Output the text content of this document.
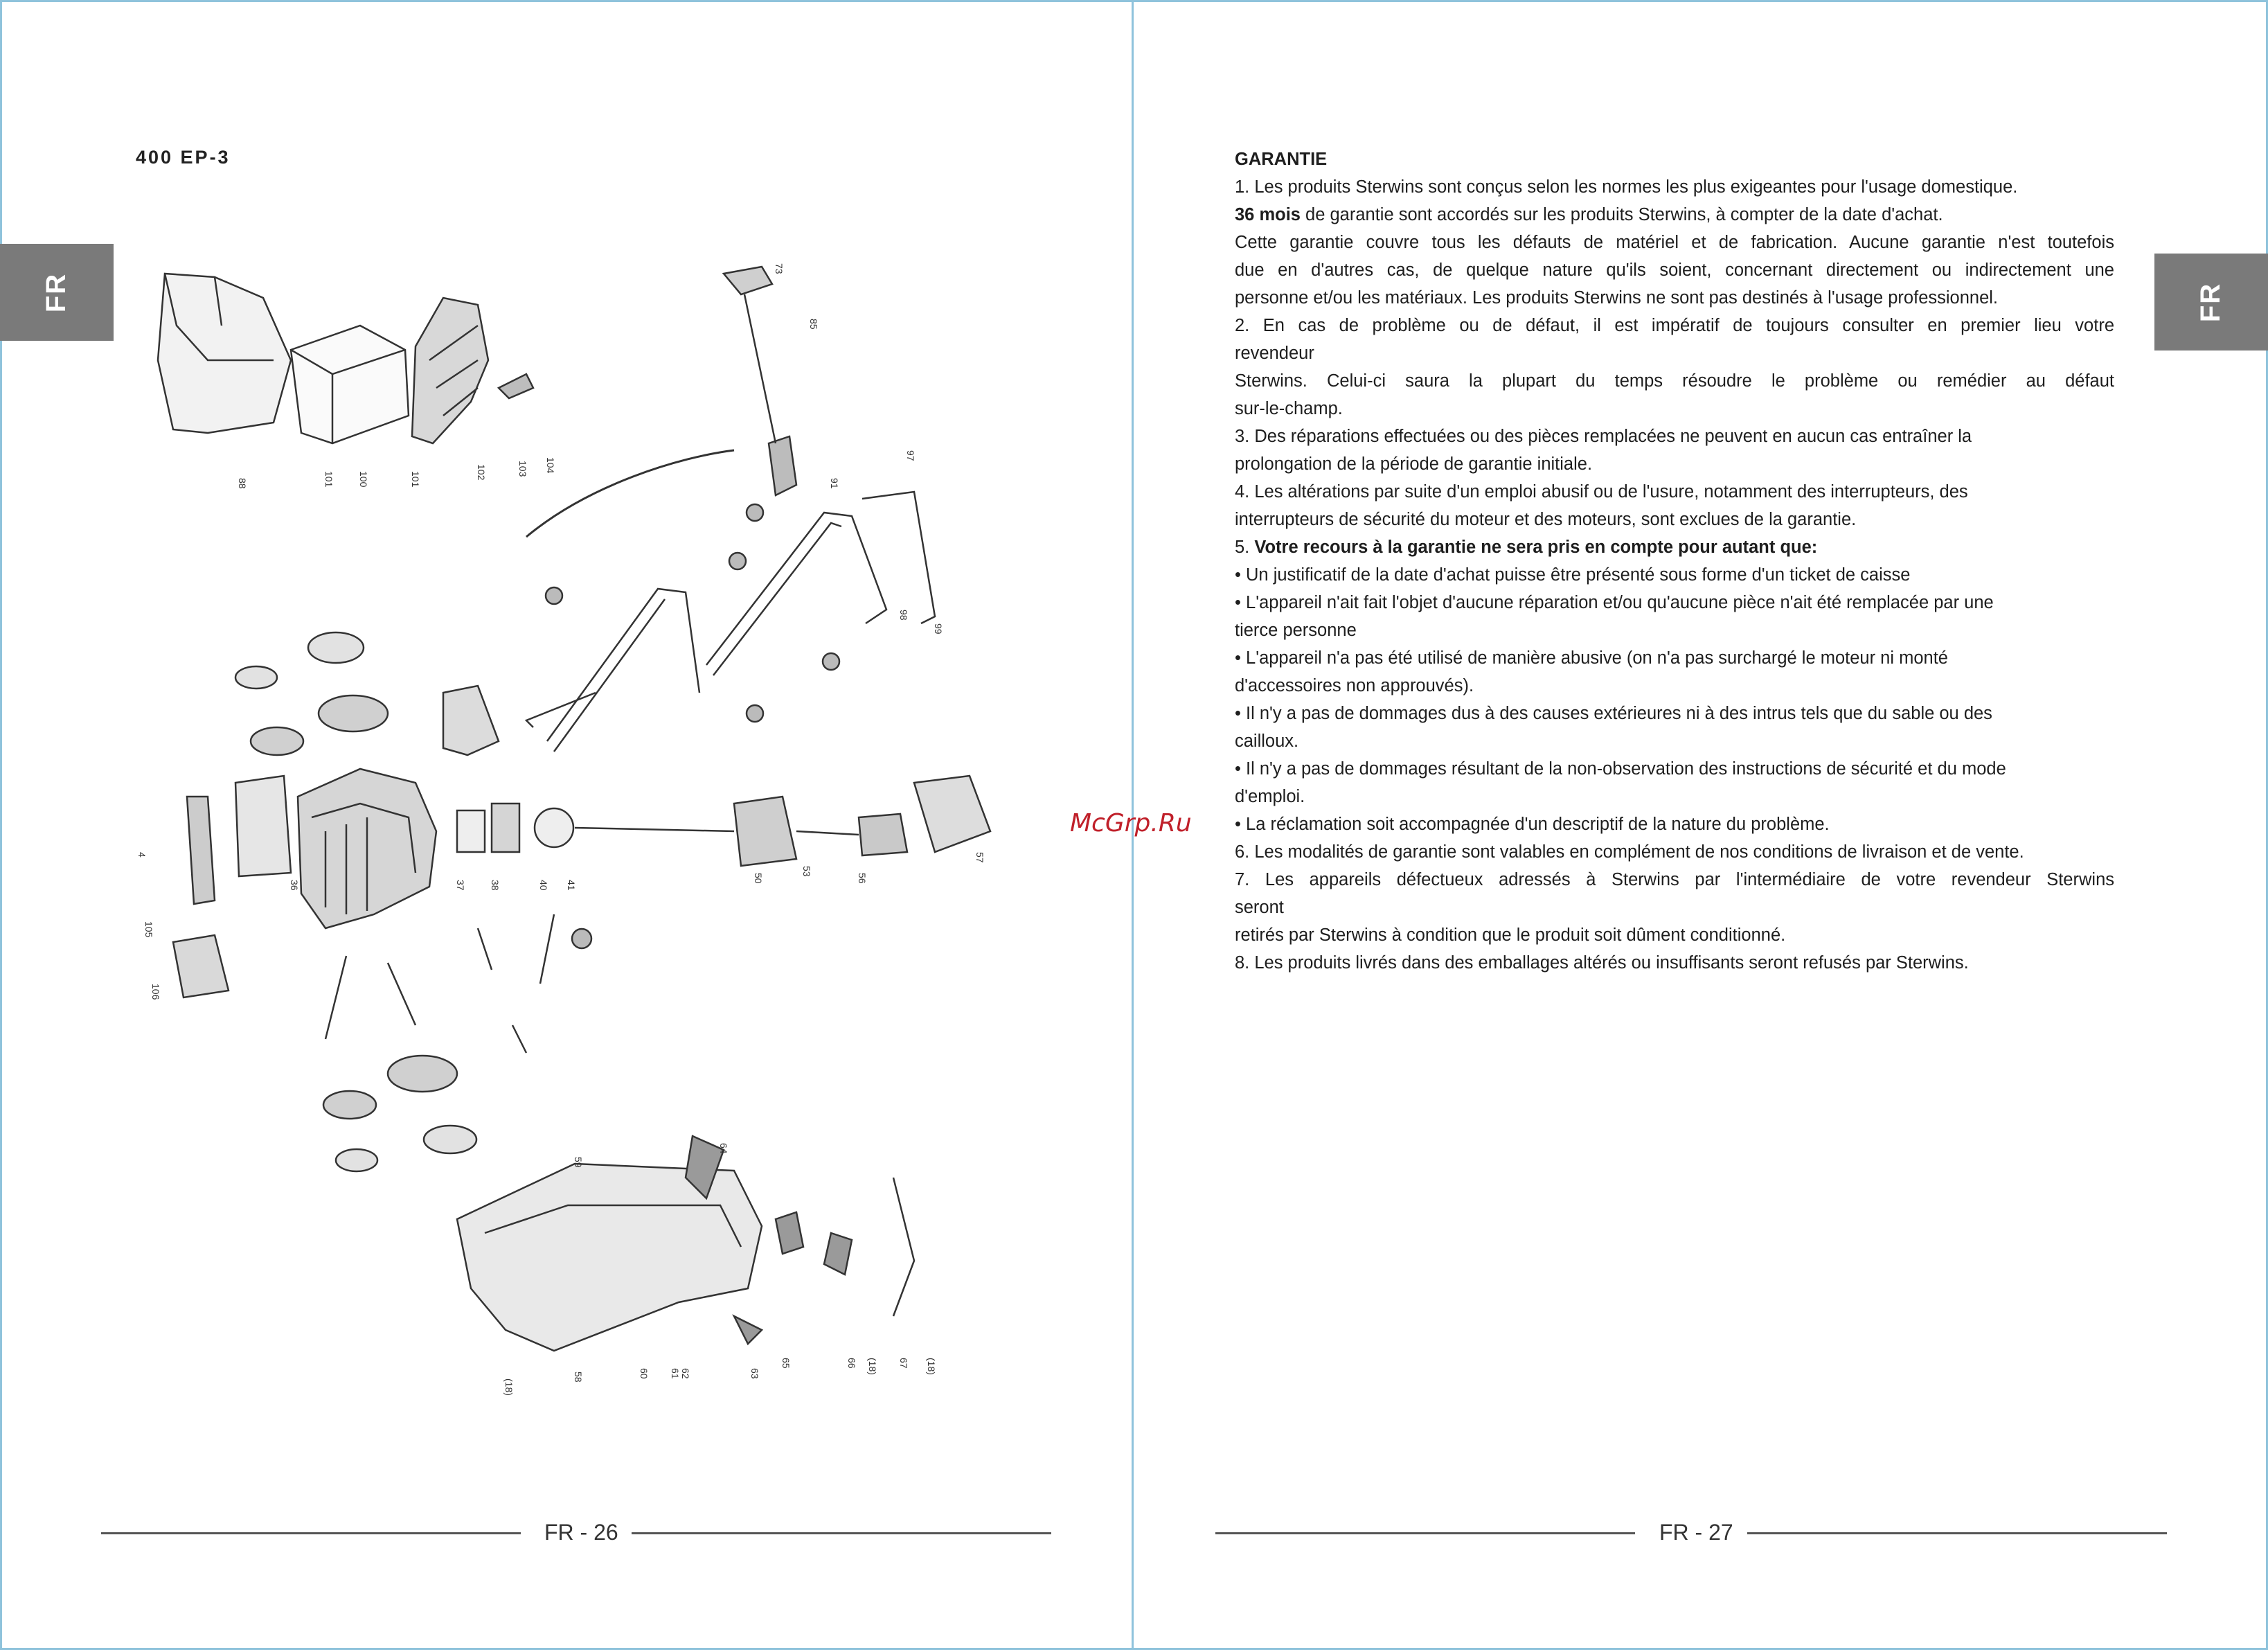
FR
400 EP-3
88	101 100	101	102	103 104
73
85
91
97
98
99
4
105
106
36	37 38	40 41
50
53
56
57
(18)
58	60 61 62	63
65	66 (18) 67 (18)
64
59
FR - 26
McGrp.Ru
FR
FR - 27

GARANTIE

1. Les produits Sterwins sont conçus selon les normes les plus exigeantes pour l'usage domestique.

36 mois de garantie sont accordés sur les produits Sterwins, à compter de la date d'achat.

Cette garantie couvre tous les défauts de matériel et de fabrication. Aucune garantie n'est toutefois

due en d'autres cas, de quelque nature qu'ils soient, concernant directement ou indirectement une

personne et/ou les matériaux. Les produits Sterwins ne sont pas destinés à l'usage professionnel.

2. En cas de problème ou de défaut, il est impératif de toujours consulter en premier lieu votre

revendeur

Sterwins. Celui-ci saura la plupart du temps résoudre le problème ou remédier au défaut

sur-le-champ.

3. Des réparations effectuées ou des pièces remplacées ne peuvent en aucun cas entraîner la

prolongation de la période de garantie initiale.

4. Les altérations par suite d'un emploi abusif ou de l'usure, notamment des interrupteurs, des

interrupteurs de sécurité du moteur et des moteurs, sont exclues de la garantie.

5. Votre recours à la garantie ne sera pris en compte pour autant que:

• Un justificatif de la date d'achat puisse être présenté sous forme d'un ticket de caisse

• L'appareil n'ait fait l'objet d'aucune réparation et/ou qu'aucune pièce n'ait été remplacée par une

tierce personne

• L'appareil n'a pas été utilisé de manière abusive (on n'a pas surchargé le moteur ni monté

d'accessoires non approuvés).

• Il n'y a pas de dommages dus à des causes extérieures ni à des intrus tels que du sable ou des

cailloux.

• Il n'y a pas de dommages résultant de la non-observation des instructions de sécurité et du mode

d'emploi.

• La réclamation soit accompagnée d'un descriptif de la nature du problème.

6. Les modalités de garantie sont valables en complément de nos conditions de livraison et de vente.

7. Les appareils défectueux adressés à Sterwins par l'intermédiaire de votre revendeur Sterwins

seront

retirés par Sterwins à condition que le produit soit dûment conditionné.

8. Les produits livrés dans des emballages altérés ou insuffisants seront refusés par Sterwins.
